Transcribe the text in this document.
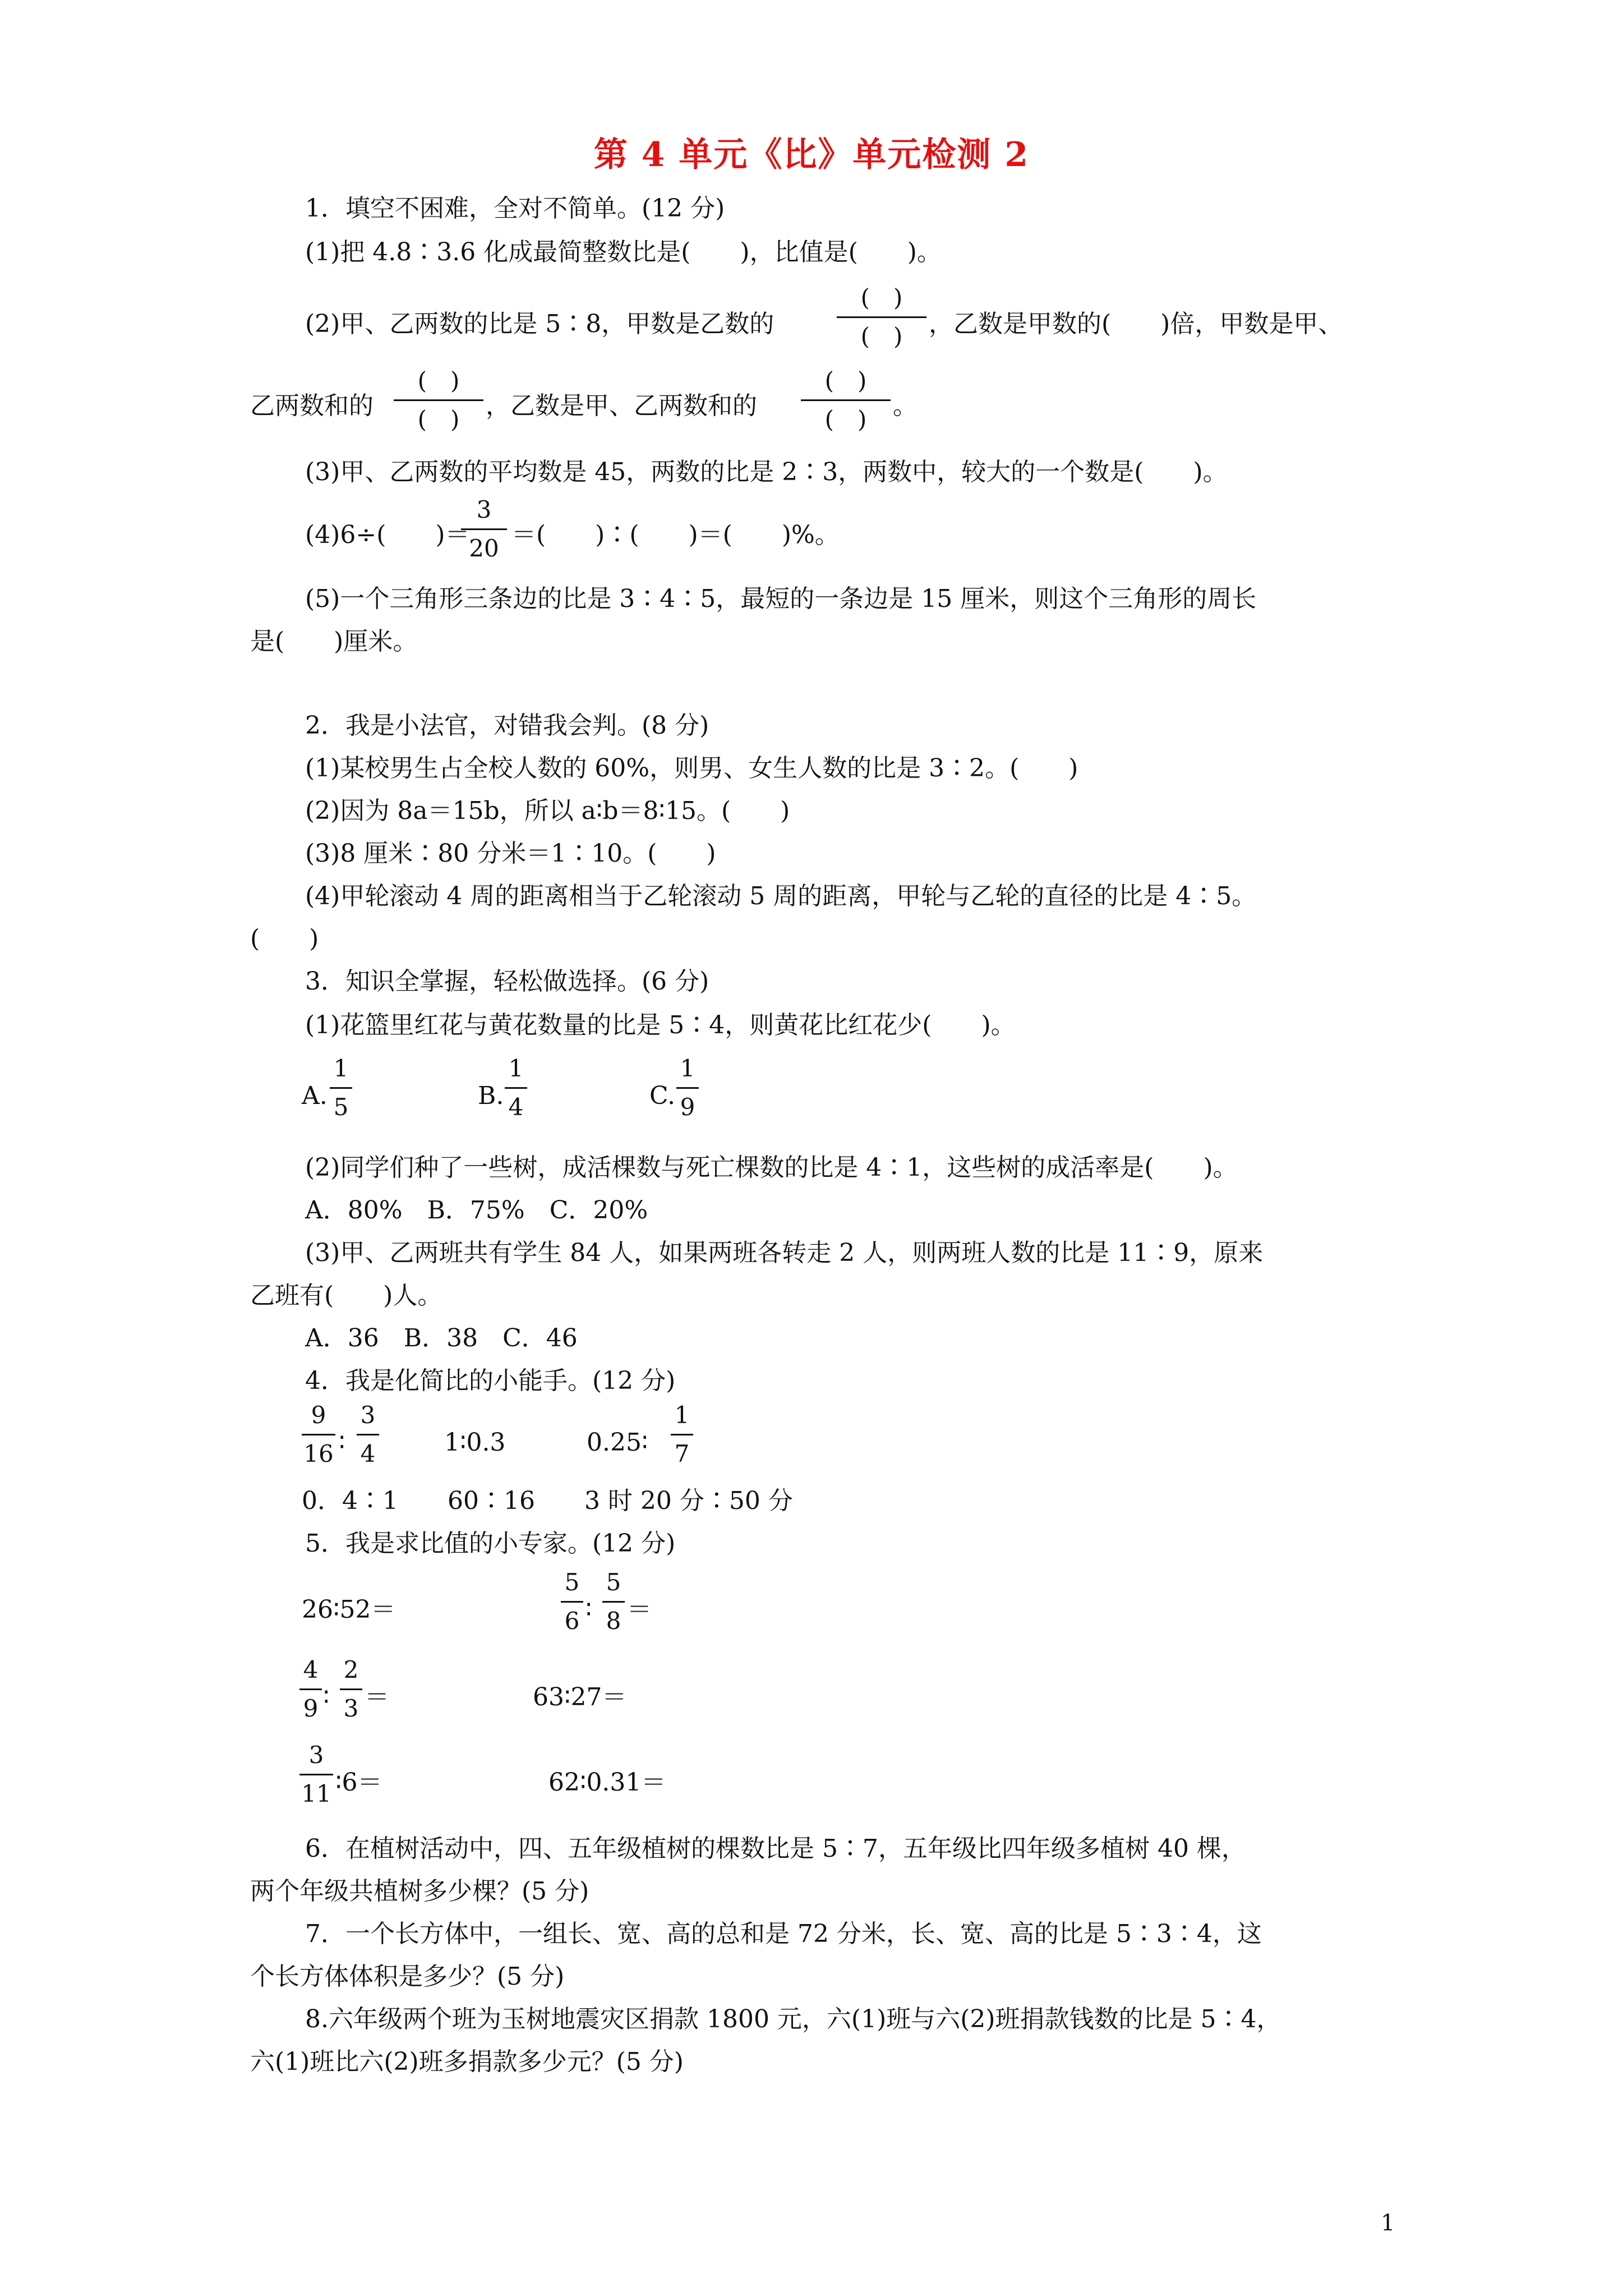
第 4 单元《比》单元检测 2
1．填空不困难，全对不简单。(12 分)
(1)把 4.8∶3.6 化成最简整数比是(　　)，比值是(　　)。
(2)甲、乙两数的比是 5∶8，甲数是乙数的
(　)
(　) ，乙数是甲数的(　　)倍，甲数是甲、
乙两数和的
(　)
(　) ，乙数是甲、乙两数和的
(　)
(　) 。
(3)甲、乙两数的平均数是 45，两数的比是 2∶3，两数中，较大的一个数是(　　)。
(4)6÷(　　)＝
3
20 ＝(　　)∶(　　)＝(　　)%。
(5)一个三角形三条边的比是 3∶4∶5，最短的一条边是 15 厘米，则这个三角形的周长
是(　　)厘米。
2．我是小法官，对错我会判。(8 分)
(1)某校男生占全校人数的 60%，则男、女生人数的比是 3∶2。(　　)
(2)因为 8a＝15b，所以 a∶b＝8∶15。(　　)
(3)8 厘米∶80 分米＝1∶10。(　　)
(4)甲轮滚动 4 周的距离相当于乙轮滚动 5 周的距离，甲轮与乙轮的直径的比是 4∶5。
(　　)
3．知识全掌握，轻松做选择。(6 分)
(1)花篮里红花与黄花数量的比是 5∶4，则黄花比红花少(　　)。
A.
1
5	B.
1
4	C.
1
9
(2)同学们种了一些树，成活棵数与死亡棵数的比是 4∶1，这些树的成活率是(　　)。
A．80%　B．75%　C．20%
(3)甲、乙两班共有学生 84 人，如果两班各转走 2 人，则两班人数的比是 11∶9，原来
乙班有(　　)人。
A．36　B．38　C．46
4．我是化简比的小能手。(12 分)
9
16 ∶
3
4	1∶0.3	0.25∶
1
7
0．4∶1　　60∶16　　3 时 20 分∶50 分
5．我是求比值的小专家。(12 分)
26∶52＝
5
6 ∶
5
8 ＝
4
9 ∶
2
3 ＝	63∶27＝
3
11 ∶6＝	62∶0.31＝
6．在植树活动中，四、五年级植树的棵数比是 5∶7，五年级比四年级多植树 40 棵，
两个年级共植树多少棵？(5 分)
7．一个长方体中，一组长、宽、高的总和是 72 分米，长、宽、高的比是 5∶3∶4，这
个长方体体积是多少？(5 分)
8.六年级两个班为玉树地震灾区捐款 1800 元，六(1)班与六(2)班捐款钱数的比是 5∶4，
六(1)班比六(2)班多捐款多少元？(5 分)
1
